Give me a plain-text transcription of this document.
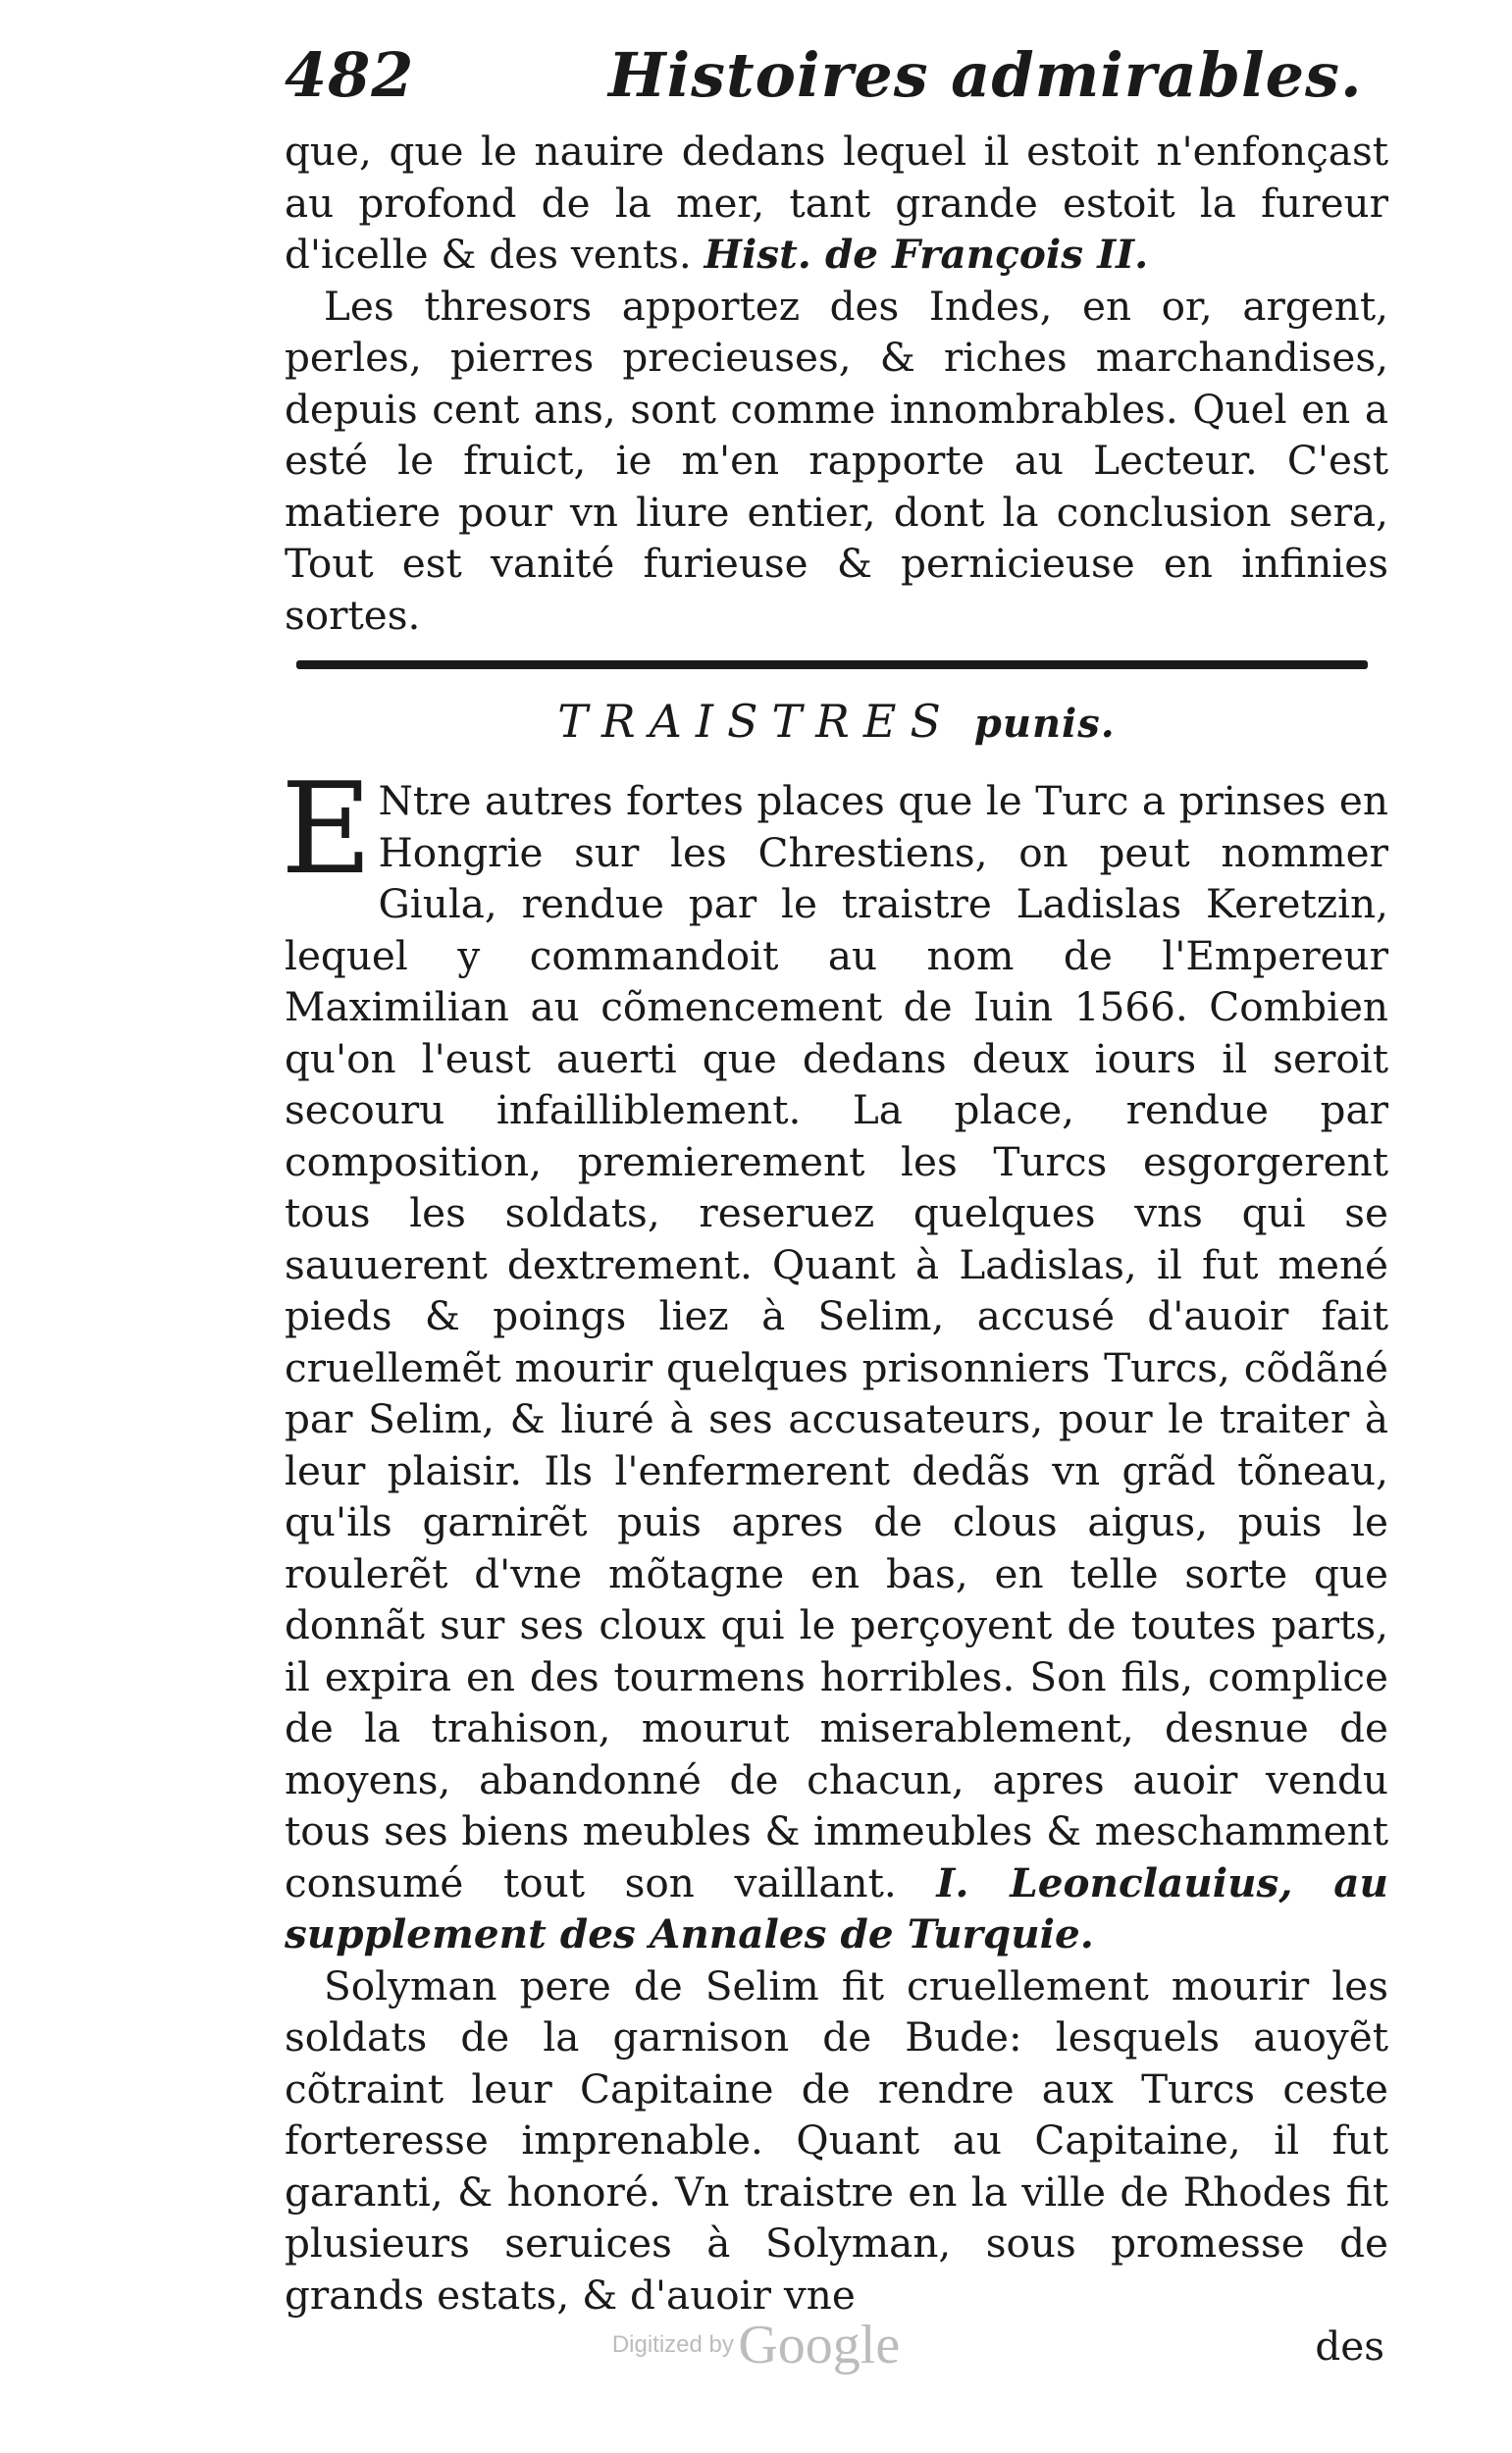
482	Histoires admirables.

que, que le nauire dedans lequel il estoit n'enfonçast au profond de la mer, tant grande estoit la fureur d'icelle & des vents. Hist. de François II.

Les thresors apportez des Indes, en or, argent, perles, pierres precieuses, & riches marchandises, depuis cent ans, sont comme innombrables. Quel en a esté le fruict, ie m'en rapporte au Lecteur. C'est matiere pour vn liure entier, dont la conclusion sera, Tout est vanité furieuse & pernicieuse en infinies sortes.

TRAISTRES punis.

E Ntre autres fortes places que le Turc a prinses en Hongrie sur les Chrestiens, on peut nommer Giula, rendue par le traistre Ladislas Keretzin, lequel y commandoit au nom de l'Empereur Maximilian au cõmencement de Iuin 1566. Combien qu'on l'eust auerti que dedans deux iours il seroit secouru infailliblement. La place, rendue par composition, premierement les Turcs esgorgerent tous les soldats, reseruez quelques vns qui se sauuerent dextrement. Quant à Ladislas, il fut mené pieds & poings liez à Selim, accusé d'auoir fait cruellemẽt mourir quelques prisonniers Turcs, cõdãné par Selim, & liuré à ses accusateurs, pour le traiter à leur plaisir. Ils l'enfermerent dedãs vn grãd tõneau, qu'ils garnirẽt puis apres de clous aigus, puis le roulerẽt d'vne mõtagne en bas, en telle sorte que donnãt sur ses cloux qui le perçoyent de toutes parts, il expira en des tourmens horribles. Son fils, complice de la trahison, mourut miserablement, desnue de moyens, abandonné de chacun, apres auoir vendu tous ses biens meubles & immeubles & meschamment consumé tout son vaillant. I. Leonclauius, au supplement des Annales de Turquie.

Solyman pere de Selim fit cruellement mourir les soldats de la garnison de Bude: lesquels auoyẽt cõtraint leur Capitaine de rendre aux Turcs ceste forteresse imprenable. Quant au Capitaine, il fut garanti, & honoré. Vn traistre en la ville de Rhodes fit plusieurs seruices à Solyman, sous promesse de grands estats, & d'auoir vne

des
Digitized by Google
